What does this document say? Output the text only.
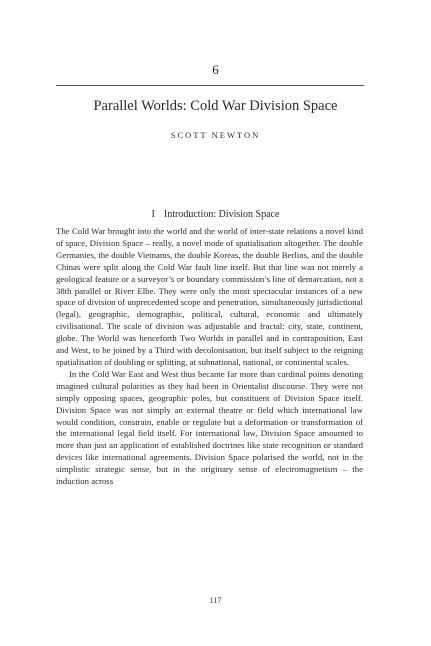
6
Parallel Worlds: Cold War Division Space
SCOTT NEWTON
I Introduction: Division Space

The Cold War brought into the world and the world of inter-state relations a novel kind of space, Division Space – really, a novel mode of spatialisation altogether. The double Germanies, the double Vietnams, the double Koreas, the double Berlins, and the double Chinas were split along the Cold War fault line itself. But that line was not merely a geological feature or a surveyor’s or boundary commission’s line of demarcation, not a 38th parallel or River Elbe. They were only the most spectacular instances of a new space of division of unprecedented scope and penetration, simultaneously jurisdictional (legal), geographic, demographic, political, cultural, economic and ultimately civilisational. The scale of division was adjustable and fractal: city, state, continent, globe. The World was henceforth Two Worlds in parallel and in contraposition, East and West, to be joined by a Third with decolonisation, but itself subject to the reigning spatialisation of doubling or splitting, at subnational, national, or continental scales.

In the Cold War East and West thus became far more than cardinal points denoting imagined cultural polarities as they had been in Orientalist discourse. They were not simply opposing spaces, geographic poles, but constituent of Division Space itself. Division Space was not simply an external theatre or field which international law would condition, constrain, enable or regulate but a deformation or transformation of the international legal field itself. For international law, Division Space amounted to more than just an application of established doctrines like state recognition or standard devices like international agreements. Division Space polarised the world, not in the simplistic strategic sense, but in the originary sense of electromagnetism – the induction across

117
